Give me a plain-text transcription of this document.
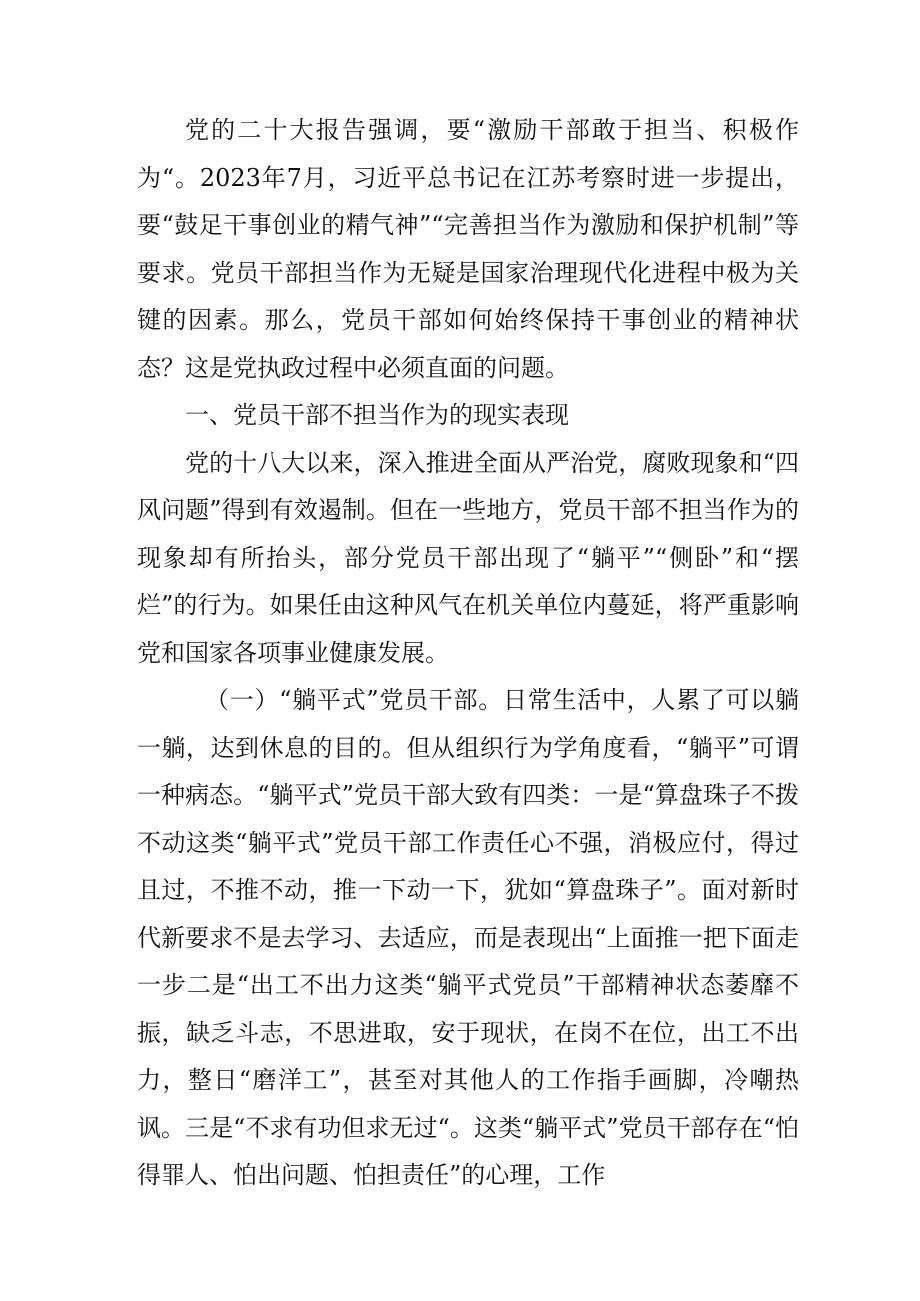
党的二十大报告强调，要“激励干部敢于担当、积极作为“。2023年7月，习近平总书记在江苏考察时进一步提出，要“鼓足干事创业的精气神”“完善担当作为激励和保护机制”等要求。党员干部担当作为无疑是国家治理现代化进程中极为关键的因素。那么，党员干部如何始终保持干事创业的精神状态？这是党执政过程中必须直面的问题。

一、党员干部不担当作为的现实表现

党的十八大以来，深入推进全面从严治党，腐败现象和“四风问题”得到有效遏制。但在一些地方，党员干部不担当作为的现象却有所抬头，部分党员干部出现了“躺平”“侧卧”和“摆烂”的行为。如果任由这种风气在机关单位内蔓延，将严重影响党和国家各项事业健康发展。

（一）“躺平式”党员干部。日常生活中，人累了可以躺一躺，达到休息的目的。但从组织行为学角度看，“躺平”可谓一种病态。“躺平式”党员干部大致有四类：一是“算盘珠子不拨不动这类“躺平式”党员干部工作责任心不强，消极应付，得过且过，不推不动，推一下动一下，犹如“算盘珠子”。面对新时代新要求不是去学习、去适应，而是表现出“上面推一把下面走一步二是“出工不出力这类“躺平式党员”干部精神状态萎靡不振，缺乏斗志，不思进取，安于现状，在岗不在位，出工不出力，整日“磨洋工”，甚至对其他人的工作指手画脚，冷嘲热讽。三是“不求有功但求无过“。这类“躺平式”党员干部存在“怕得罪人、怕出问题、怕担责任”的心理，工作
